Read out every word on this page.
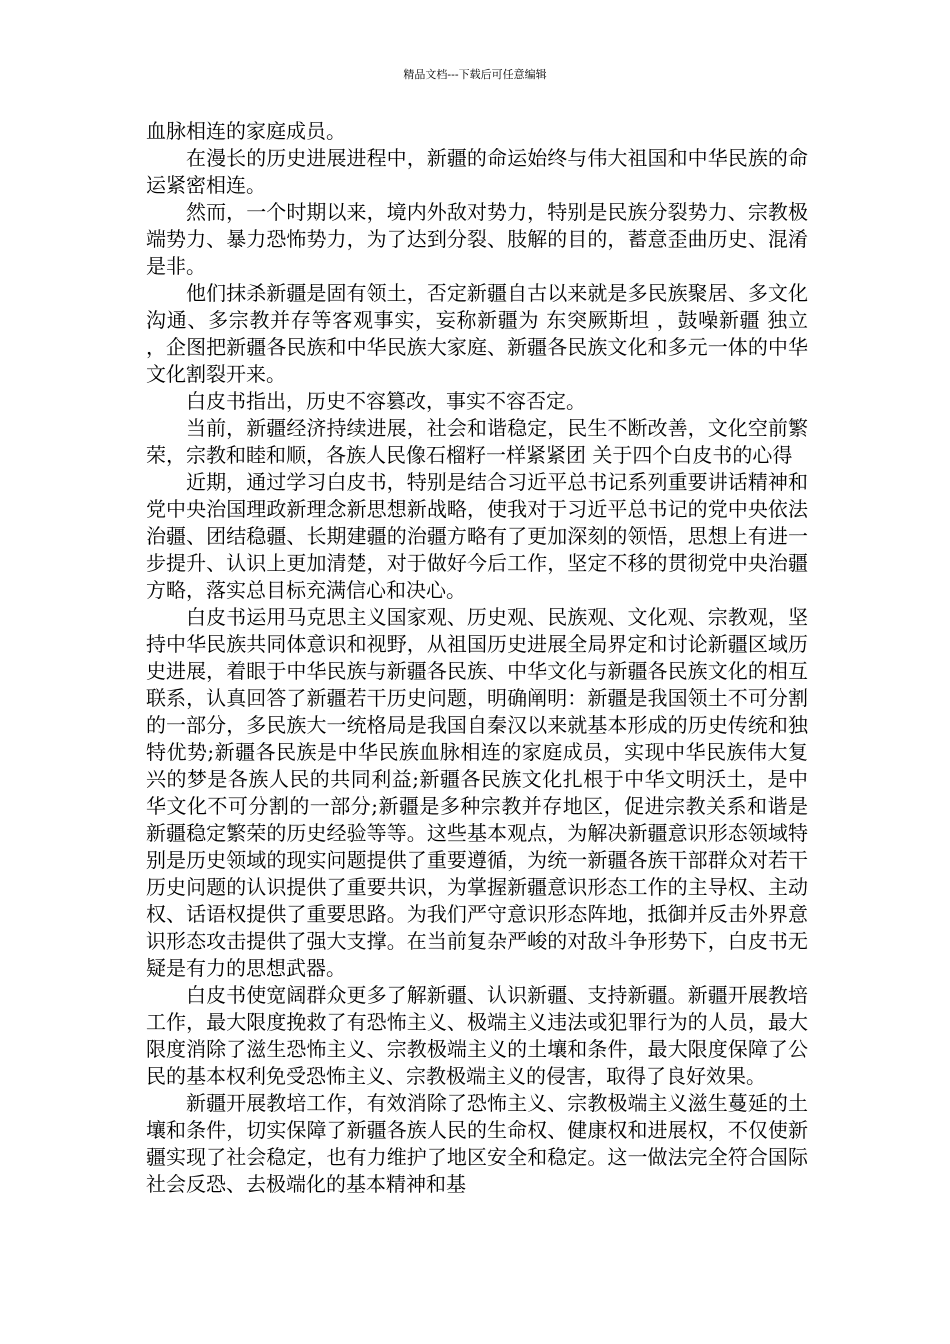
精品文档---下载后可任意编辑

血脉相连的家庭成员。

在漫长的历史进展进程中，新疆的命运始终与伟大祖国和中华民族的命运紧密相连。

然而，一个时期以来，境内外敌对势力，特别是民族分裂势力、宗教极端势力、暴力恐怖势力，为了达到分裂、肢解的目的，蓄意歪曲历史、混淆是非。

他们抹杀新疆是固有领土，否定新疆自古以来就是多民族聚居、多文化沟通、多宗教并存等客观事实，妄称新疆为 东突厥斯坦 ，鼓噪新疆 独立 ，企图把新疆各民族和中华民族大家庭、新疆各民族文化和多元一体的中华文化割裂开来。

白皮书指出，历史不容篡改，事实不容否定。

当前，新疆经济持续进展，社会和谐稳定，民生不断改善，文化空前繁荣，宗教和睦和顺，各族人民像石榴籽一样紧紧团 关于四个白皮书的心得

近期，通过学习白皮书，特别是结合习近平总书记系列重要讲话精神和党中央治国理政新理念新思想新战略，使我对于习近平总书记的党中央依法治疆、团结稳疆、长期建疆的治疆方略有了更加深刻的领悟，思想上有进一步提升、认识上更加清楚，对于做好今后工作，坚定不移的贯彻党中央治疆方略，落实总目标充满信心和决心。

白皮书运用马克思主义国家观、历史观、民族观、文化观、宗教观，坚持中华民族共同体意识和视野，从祖国历史进展全局界定和讨论新疆区域历史进展，着眼于中华民族与新疆各民族、中华文化与新疆各民族文化的相互联系，认真回答了新疆若干历史问题，明确阐明：新疆是我国领土不可分割的一部分，多民族大一统格局是我国自秦汉以来就基本形成的历史传统和独特优势;新疆各民族是中华民族血脉相连的家庭成员，实现中华民族伟大复兴的梦是各族人民的共同利益;新疆各民族文化扎根于中华文明沃土，是中华文化不可分割的一部分;新疆是多种宗教并存地区，促进宗教关系和谐是新疆稳定繁荣的历史经验等等。这些基本观点，为解决新疆意识形态领域特别是历史领域的现实问题提供了重要遵循，为统一新疆各族干部群众对若干历史问题的认识提供了重要共识，为掌握新疆意识形态工作的主导权、主动权、话语权提供了重要思路。为我们严守意识形态阵地，抵御并反击外界意识形态攻击提供了强大支撑。在当前复杂严峻的对敌斗争形势下，白皮书无疑是有力的思想武器。

白皮书使宽阔群众更多了解新疆、认识新疆、支持新疆。新疆开展教培工作，最大限度挽救了有恐怖主义、极端主义违法或犯罪行为的人员，最大限度消除了滋生恐怖主义、宗教极端主义的土壤和条件，最大限度保障了公民的基本权利免受恐怖主义、宗教极端主义的侵害，取得了良好效果。

新疆开展教培工作，有效消除了恐怖主义、宗教极端主义滋生蔓延的土壤和条件，切实保障了新疆各族人民的生命权、健康权和进展权，不仅使新疆实现了社会稳定，也有力维护了地区安全和稳定。这一做法完全符合国际社会反恐、去极端化的基本精神和基
